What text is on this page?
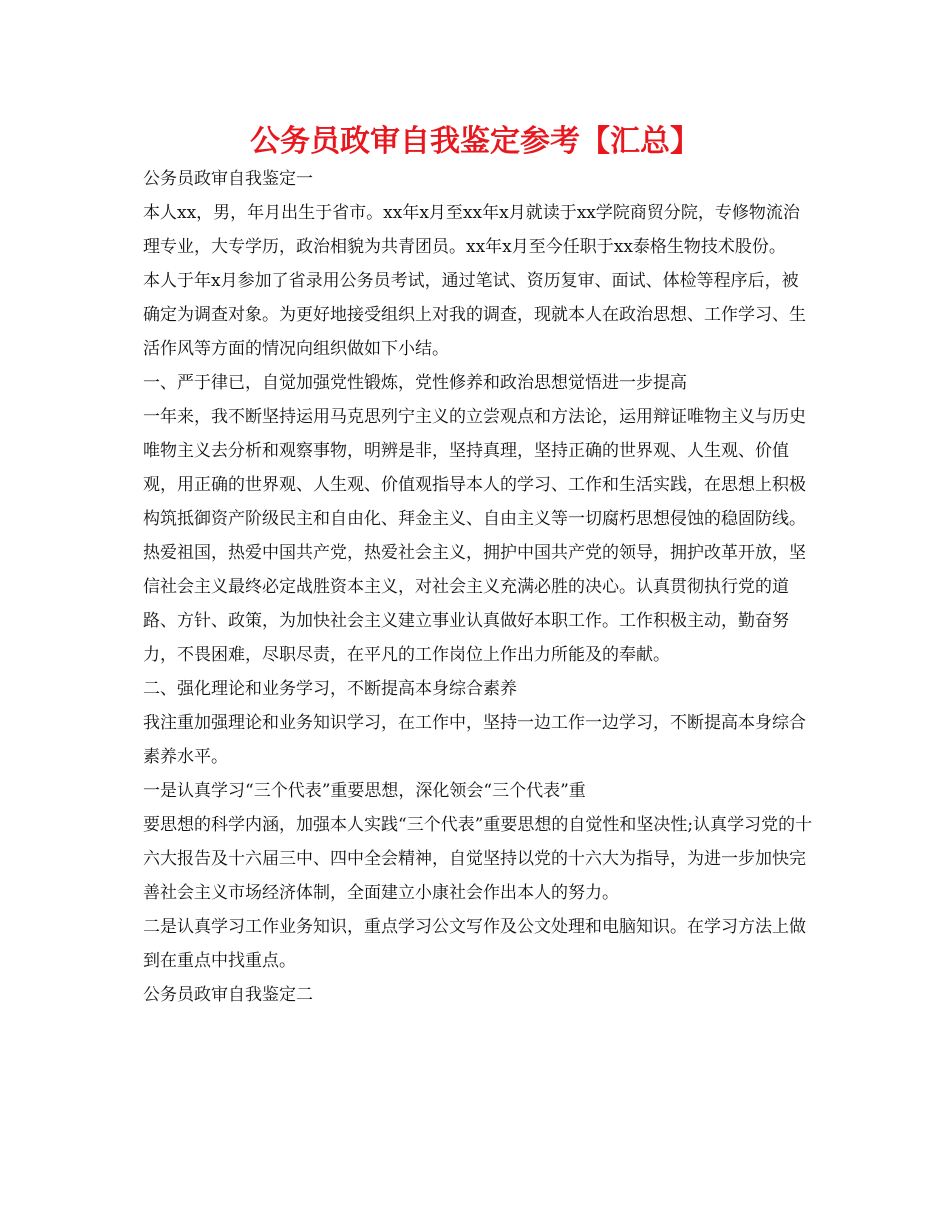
公务员政审自我鉴定参考【汇总】

公务员政审自我鉴定一

本人xx，男，年月出生于省市。xx年x月至xx年x月就读于xx学院商贸分院，专修物流治理专业，大专学历，政治相貌为共青团员。xx年x月至今任职于xx泰格生物技术股份。

本人于年x月参加了省录用公务员考试，通过笔试、资历复审、面试、体检等程序后，被确定为调查对象。为更好地接受组织上对我的调查，现就本人在政治思想、工作学习、生活作风等方面的情况向组织做如下小结。

一、严于律已，自觉加强党性锻炼，党性修养和政治思想觉悟进一步提高

一年来，我不断坚持运用马克思列宁主义的立尝观点和方法论，运用辩证唯物主义与历史唯物主义去分析和观察事物，明辨是非，坚持真理，坚持正确的世界观、人生观、价值观，用正确的世界观、人生观、价值观指导本人的学习、工作和生活实践，在思想上积极构筑抵御资产阶级民主和自由化、拜金主义、自由主义等一切腐朽思想侵蚀的稳固防线。热爱祖国，热爱中国共产党，热爱社会主义，拥护中国共产党的领导，拥护改革开放，坚信社会主义最终必定战胜资本主义，对社会主义充满必胜的决心。认真贯彻执行党的道路、方针、政策，为加快社会主义建立事业认真做好本职工作。工作积极主动，勤奋努力，不畏困难，尽职尽责，在平凡的工作岗位上作出力所能及的奉献。

二、强化理论和业务学习，不断提高本身综合素养

我注重加强理论和业务知识学习，在工作中，坚持一边工作一边学习，不断提高本身综合素养水平。

一是认真学习“三个代表”重要思想，深化领会“三个代表”重

要思想的科学内涵，加强本人实践“三个代表”重要思想的自觉性和坚决性;认真学习党的十六大报告及十六届三中、四中全会精神，自觉坚持以党的十六大为指导，为进一步加快完善社会主义市场经济体制，全面建立小康社会作出本人的努力。

二是认真学习工作业务知识，重点学习公文写作及公文处理和电脑知识。在学习方法上做到在重点中找重点。

公务员政审自我鉴定二
